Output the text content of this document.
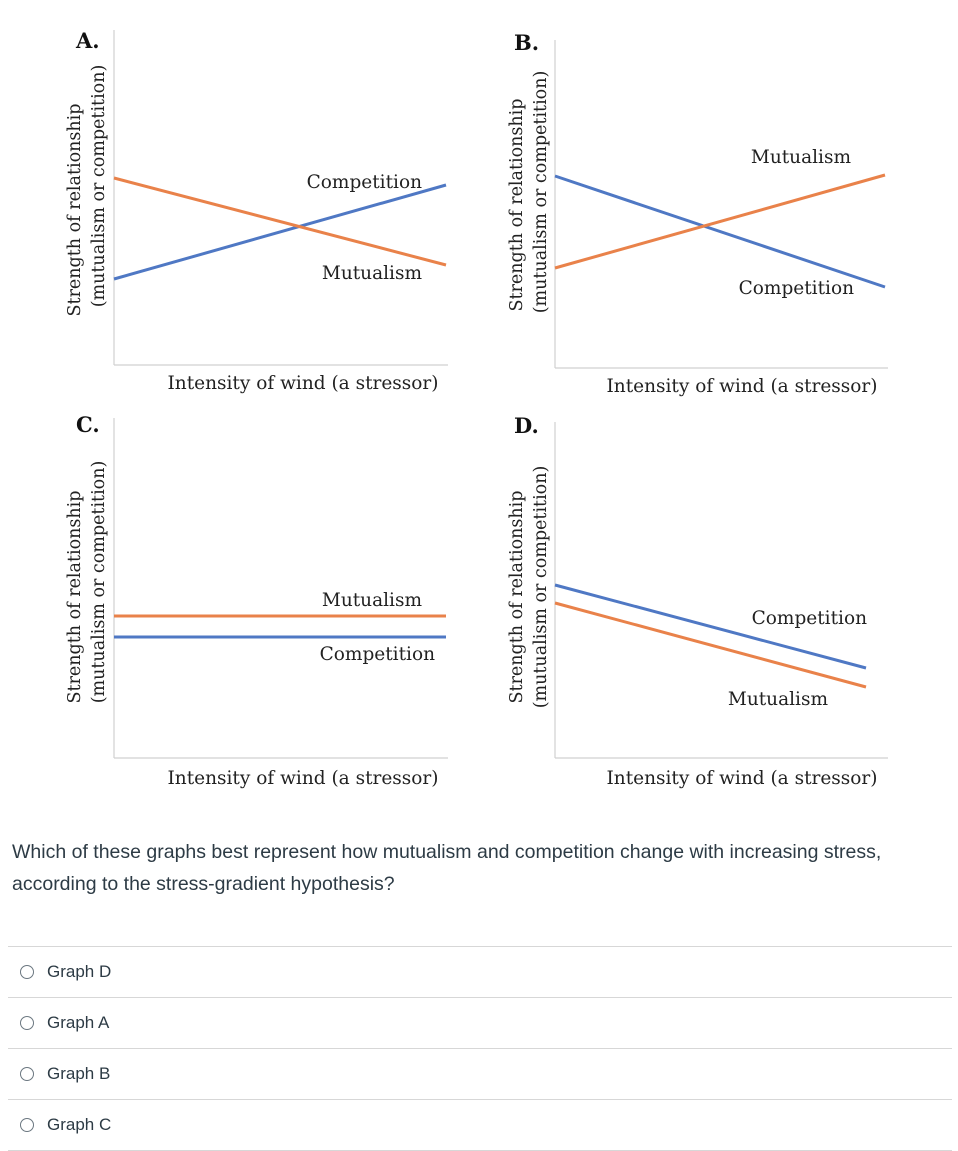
A.
Strength of relationship (mutualism or competition)	Competition
Mutualism
Intensity of wind (a stressor)
B.
Strength of relationship (mutualism or competition)	Mutualism
Competition
Intensity of wind (a stressor)
C.
Strength of relationship (mutualism or competition)	Mutualism
Competition
Intensity of wind (a stressor)
D.
Strength of relationship (mutualism or competition)	Competition
Mutualism
Intensity of wind (a stressor)
Which of these graphs best represent how mutualism and competition change with increasing stress, according to the stress-gradient hypothesis?
Graph D
Graph A
Graph B
Graph C
